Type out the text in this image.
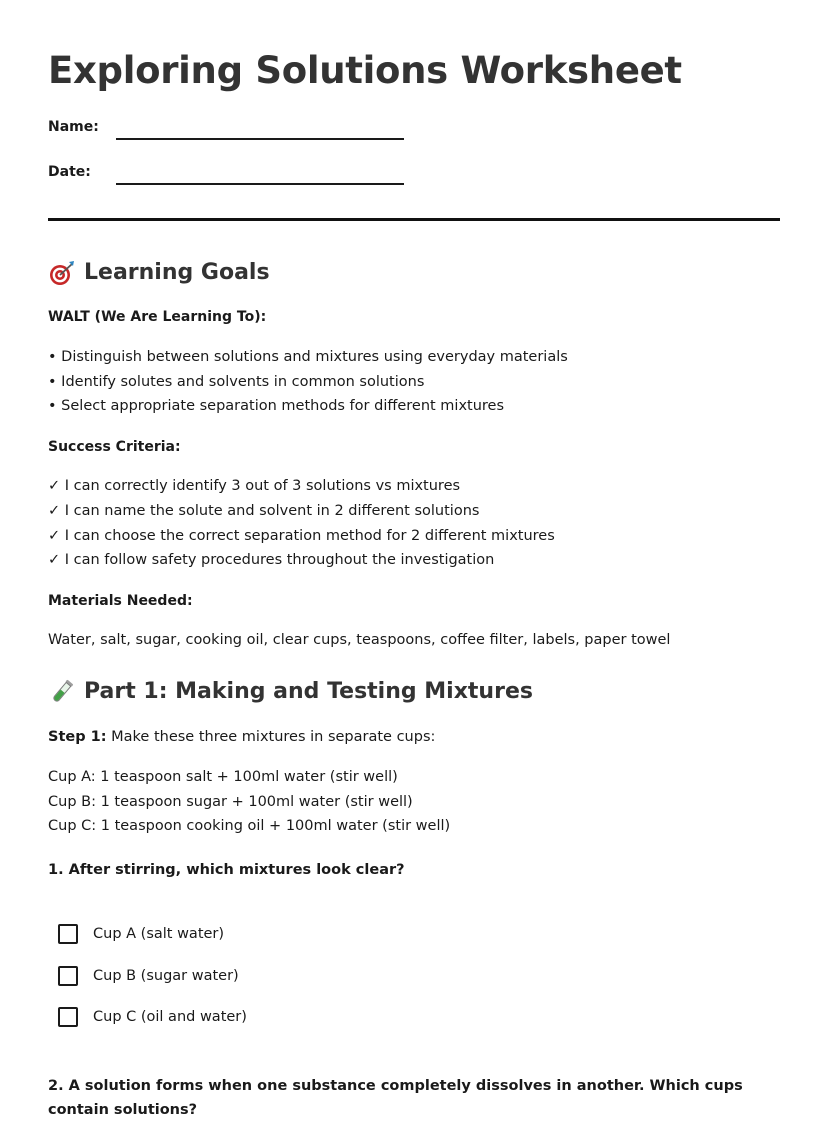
Exploring Solutions Worksheet
Name:
Date:
Learning Goals
WALT (We Are Learning To):
• Distinguish between solutions and mixtures using everyday materials
• Identify solutes and solvents in common solutions
• Select appropriate separation methods for different mixtures
Success Criteria:
✓ I can correctly identify 3 out of 3 solutions vs mixtures
✓ I can name the solute and solvent in 2 different solutions
✓ I can choose the correct separation method for 2 different mixtures
✓ I can follow safety procedures throughout the investigation
Materials Needed:
Water, salt, sugar, cooking oil, clear cups, teaspoons, coffee filter, labels, paper towel
Part 1: Making and Testing Mixtures
Step 1: Make these three mixtures in separate cups:
Cup A: 1 teaspoon salt + 100ml water (stir well)
Cup B: 1 teaspoon sugar + 100ml water (stir well)
Cup C: 1 teaspoon cooking oil + 100ml water (stir well)
1. After stirring, which mixtures look clear?
Cup A (salt water)
Cup B (sugar water)
Cup C (oil and water)
2. A solution forms when one substance completely dissolves in another. Which cups contain solutions?
